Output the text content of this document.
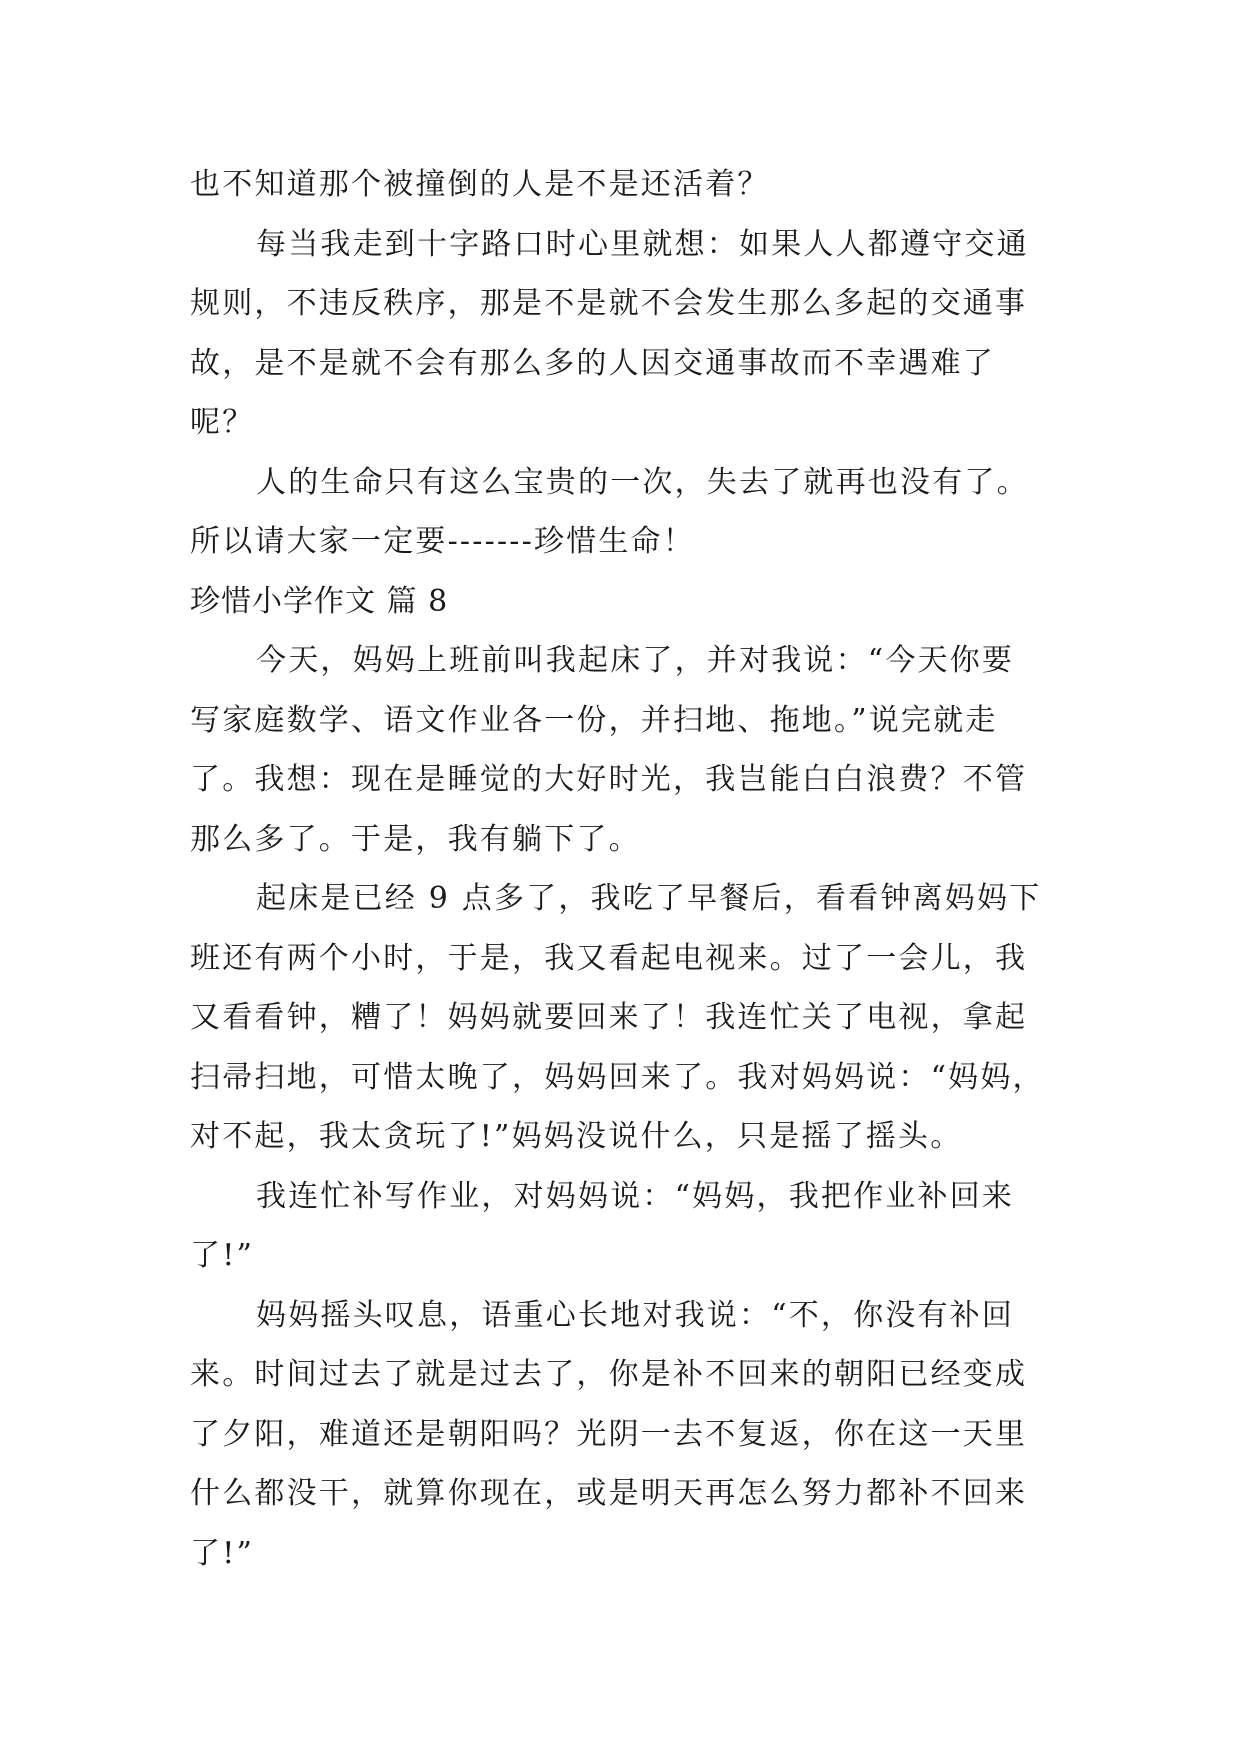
也不知道那个被撞倒的人是不是还活着？
每当我走到十字路口时心里就想：如果人人都遵守交通
规则，不违反秩序，那是不是就不会发生那么多起的交通事
故，是不是就不会有那么多的人因交通事故而不幸遇难了
呢？
人的生命只有这么宝贵的一次，失去了就再也没有了。
所以请大家一定要-------珍惜生命！
珍惜小学作文 篇 8
今天，妈妈上班前叫我起床了，并对我说：“今天你要
写家庭数学、语文作业各一份，并扫地、拖地。”说完就走
了。我想：现在是睡觉的大好时光，我岂能白白浪费？不管
那么多了。于是，我有躺下了。
起床是已经 9 点多了，我吃了早餐后，看看钟离妈妈下
班还有两个小时，于是，我又看起电视来。过了一会儿，我
又看看钟，糟了！妈妈就要回来了！我连忙关了电视，拿起
扫帚扫地，可惜太晚了，妈妈回来了。我对妈妈说：“妈妈，
对不起，我太贪玩了!”妈妈没说什么，只是摇了摇头。
我连忙补写作业，对妈妈说：“妈妈，我把作业补回来
了!”
妈妈摇头叹息，语重心长地对我说：“不，你没有补回
来。时间过去了就是过去了，你是补不回来的朝阳已经变成
了夕阳，难道还是朝阳吗？光阴一去不复返，你在这一天里
什么都没干，就算你现在，或是明天再怎么努力都补不回来
了!”
